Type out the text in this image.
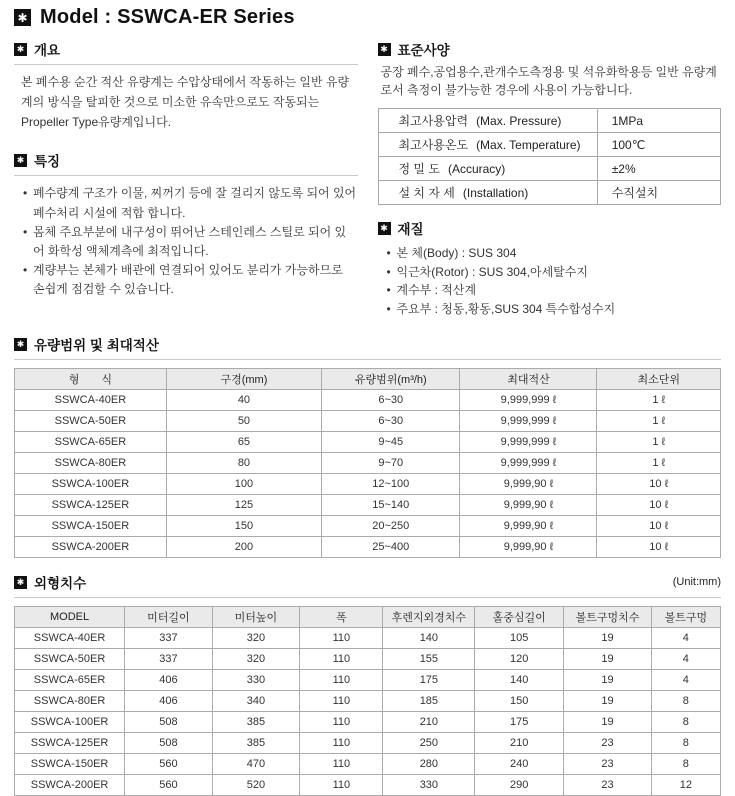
✱ Model : SSWCA-ER Series
✱ 개요
본 폐수용 순간 적산 유량계는 수압상태에서 작동하는 일반 유량계의 방식을 탈피한 것으로 미소한 유속만으로도 작동되는 Propeller Type유량계입니다.
✱ 특징
• 폐수량계 구조가 이물, 찌꺼기 등에 잘 걸리지 않도록 되어 있어 폐수처리 시설에 적합 합니다.
• 몸체 주요부분에 내구성이 뛰어난 스테인레스 스틸로 되어 있어 화학성 액체계측에 최적입니다.
• 계량부는 본체가 배관에 연결되어 있어도 분리가 가능하므로 손쉽게 점검할 수 있습니다.
✱ 표준사양
공장 폐수,공업용수,관개수도측정용 및 석유화학용등 일반 유량계로서 측정이 불가능한 경우에 사용이 가능합니다.
최고사용압력 (Max. Pressure)	1MPa
최고사용온도 (Max. Temperature)	100℃
정 밀 도 (Accuracy)	±2%
설 치 자 세 (Installation)	수직설치
✱ 재질
• 본 체(Body) : SUS 304
• 익근차(Rotor) : SUS 304,아세탈수지
• 계수부 : 적산계
• 주요부 : 청동,황동,SUS 304 특수합성수지
✱ 유량범위 및 최대적산
형　　식	구경(mm)	유량범위(m³/h)	최대적산	최소단위
SSWCA-40ER	40	6~30	9,999,999 ℓ	1 ℓ
SSWCA-50ER	50	6~30	9,999,999 ℓ	1 ℓ
SSWCA-65ER	65	9~45	9,999,999 ℓ	1 ℓ
SSWCA-80ER	80	9~70	9,999,999 ℓ	1 ℓ
SSWCA-100ER	100	12~100	9,999,90 ℓ	10 ℓ
SSWCA-125ER	125	15~140	9,999,90 ℓ	10 ℓ
SSWCA-150ER	150	20~250	9,999,90 ℓ	10 ℓ
SSWCA-200ER	200	25~400	9,999,90 ℓ	10 ℓ
✱ 외형치수	(Unit:mm)
MODEL	미터길이	미터높이	폭	후렌지외경치수	홀중심길이	볼트구멍치수	볼트구멍
SSWCA-40ER	337	320	110	140	105	19	4
SSWCA-50ER	337	320	110	155	120	19	4
SSWCA-65ER	406	330	110	175	140	19	4
SSWCA-80ER	406	340	110	185	150	19	8
SSWCA-100ER	508	385	110	210	175	19	8
SSWCA-125ER	508	385	110	250	210	23	8
SSWCA-150ER	560	470	110	280	240	23	8
SSWCA-200ER	560	520	110	330	290	23	12
